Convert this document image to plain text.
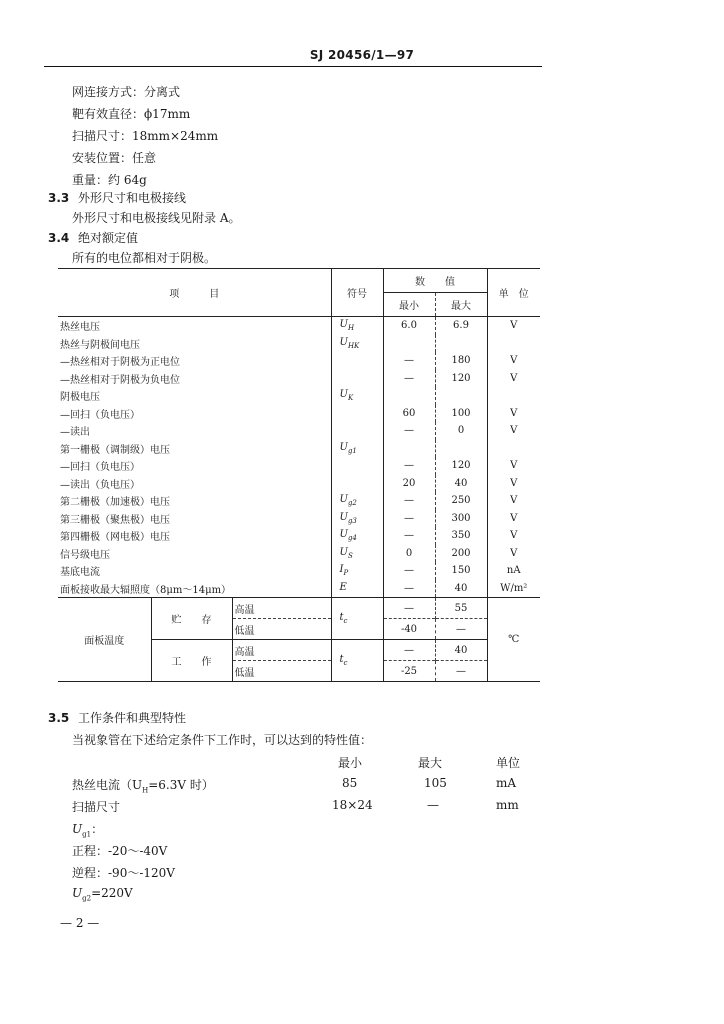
SJ 20456/1—97
网连接方式：分离式
靶有效直径：ϕ17mm
扫描尺寸：18mm×24mm
安装位置：任意
重量：约 64g
3.3 外形尺寸和电极接线
外形尺寸和电极接线见附录 A。
3.4 绝对额定值
所有的电位都相对于阴极。
项　　　目			符号	数　　值		单　位
				最小	最大	
热丝电压			$U_H$	6.0	6.9	V
热丝与阴极间电压			$U_{HK}$			
—热丝相对于阴极为正电位				—	180	V
—热丝相对于阴极为负电位				—	120	V
阴极电压			$U_K$			
—回扫（负电压）				60	100	V
—读出				—	0	V
第一栅极（调制级）电压			$U_{g1}$			
—回扫（负电压）				—	120	V
—读出（负电压）				20	40	V
第二栅极（加速极）电压			$U_{g2}$	—	250	V
第三栅极（聚焦极）电压			$U_{g3}$	—	300	V
第四栅极（网电极）电压			$U_{g4}$	—	350	V
信号级电压			$U_S$	0	200	V
基底电流			$I_P$	—	150	nA
面板接收最大辐照度（8μm～14μm）			E	—	40	W/m²
面板温度	贮　　存	高温	$t_c$	—	55	℃
		低温		-40	—	
	工　　作	高温	$t_c$	—	40	
		低温		-25	—	
3.5 工作条件和典型特性
当视象管在下述给定条件下工作时，可以达到的特性值：
最小	最大	单位
热丝电流（$U_H=6.3V$ 时）	85	105	mA
扫描尺寸	18×24	—	mm
$U_{g1}$：
正程：-20～-40V
逆程：-90～-120V
$U_{g2}=220V$
— 2 —
